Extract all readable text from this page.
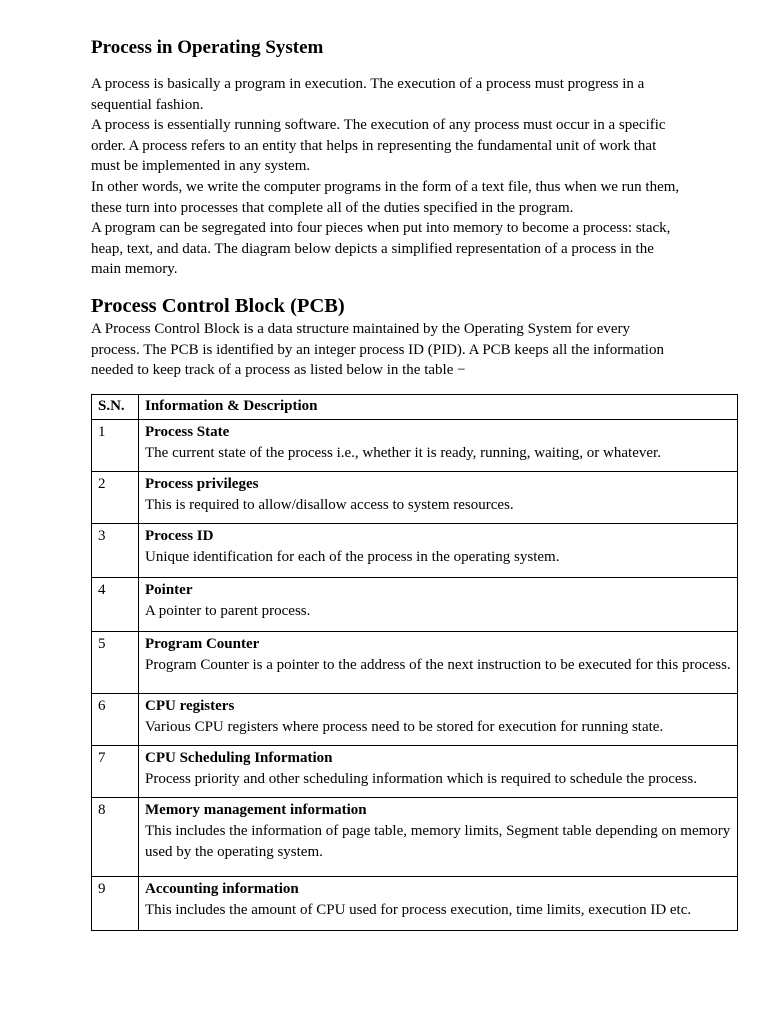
Process in Operating System

A process is basically a program in execution. The execution of a process must progress in a sequential fashion.

A process is essentially running software. The execution of any process must occur in a specific order. A process refers to an entity that helps in representing the fundamental unit of work that must be implemented in any system.

In other words, we write the computer programs in the form of a text file, thus when we run them, these turn into processes that complete all of the duties specified in the program.

A program can be segregated into four pieces when put into memory to become a process: stack, heap, text, and data. The diagram below depicts a simplified representation of a process in the main memory.

Process Control Block (PCB)

A Process Control Block is a data structure maintained by the Operating System for every process. The PCB is identified by an integer process ID (PID). A PCB keeps all the information needed to keep track of a process as listed below in the table −

S.N.	Information & Description
1	Process State
The current state of the process i.e., whether it is ready, running, waiting, or whatever.

2	Process privileges
This is required to allow/disallow access to system resources.

3	Process ID
Unique identification for each of the process in the operating system.

4	Pointer
A pointer to parent process.

5	Program Counter
Program Counter is a pointer to the address of the next instruction to be executed for this process.

6	CPU registers
Various CPU registers where process need to be stored for execution for running state.

7	CPU Scheduling Information
Process priority and other scheduling information which is required to schedule the process.

8	Memory management information
This includes the information of page table, memory limits, Segment table depending on memory used by the operating system.

9	Accounting information
This includes the amount of CPU used for process execution, time limits, execution ID etc.
